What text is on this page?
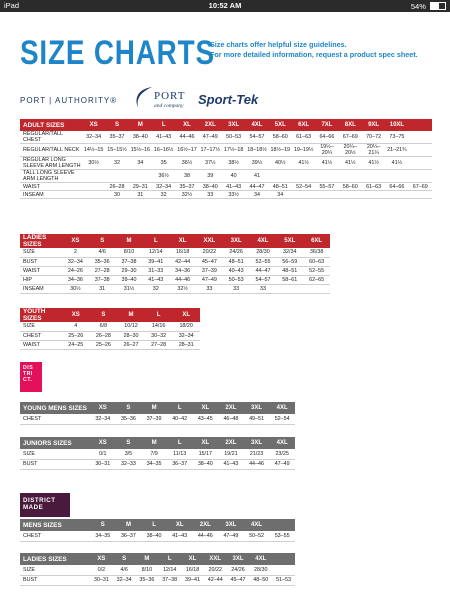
iPad	10:52 AM	54%
SIZE CHARTS
Size charts offer helpful size guidelines.
For more detailed information, request a product spec sheet.
PORT | AUTHORITY®	PORT
and company Sport-Tek
ADULT SIZES	XS	S	M	L	XL	2XL	3XL	4XL	5XL	6XL	7XL	8XL	9XL	10XL	
REGULAR/TALL CHEST	32–34	35–37	38–40	41–43	44–46	47–49	50–53	54–57	58–60	61–63	64–66	67–69	70–72	73–75	
REGULAR/TALL NECK	14½–15	15–15½	15½–16	16–16½	16½–17	17–17½	17½–18	18–18½	18½–19	19–19½	19½–20¼	20¼–20½	20¼–21¼	21–21¾	
REGULAR LONG SLEEVE ARM LENGTH	30½	32	34	35	36½	37½	38½	39½	40½	41½	41½	41½	41½	41½	
TALL LONG SLEEVE ARM LENGTH				36½	38	39	40	41							
WAIST		26–28	29–31	32–34	35–37	38–40	41–43	44–47	48–51	52–54	55–57	58–60	61–63	64–66	67–69
INSEAM		30	31	32	32½	33	33½	34	34						
LADIES SIZES	XS	S	M	L	XL	XXL	3XL	4XL	5XL	6XL
SIZE	2	4/6	8/10	12/14	16/18	20/22	24/26	28/30	32/34	36/38
BUST	32–34	35–36	37–38	39–41	42–44	45–47	48–51	52–55	56–59	60–63
WAIST	24–26	27–28	29–30	31–33	34–36	37–39	40–43	44–47	48–51	52–55
HIP	34–36	37–38	39–40	41–43	44–46	47–49	50–53	54–57	58–61	62–65
INSEAM	30½	31	31½	32	32½	33	33	33		
YOUTH SIZES	XS	S	M	L	XL
SIZE	4	6/8	10/12	14/16	18/20
CHEST	25–26	26–28	28–30	30–32	32–34
WAIST	24–25	25–26	26–27	27–28	28–31
DIS
TRI
CT.
YOUNG MENS SIZES	XS	S	M	L	XL	2XL	3XL	4XL
CHEST	32–34	35–36	37–39	40–42	43–45	46–48	49–51	52–54
JUNIORS SIZES	XS	S	M	L	XL	2XL	3XL	4XL
SIZE	0/1	3/5	7/9	11/13	15/17	19/21	21/23	23/25
BUST	30–31	32–33	34–35	36–37	38–40	41–43	44–46	47–49
DISTRICT
MADE
MENS SIZES	S	M	L	XL	2XL	3XL	4XL	
CHEST	34–35	36–37	38–40	41–43	44–46	47–49	50–52	53–55
LADIES SIZES	XS	S	M	L	XL	XXL	3XL	4XL	
SIZE	0/2	4/6	8/10	12/14	16/18	20/22	24/26	28/30	
BUST	30–31	32–34	35–36	37–38	39–41	42–44	45–47	48–50	51–53
